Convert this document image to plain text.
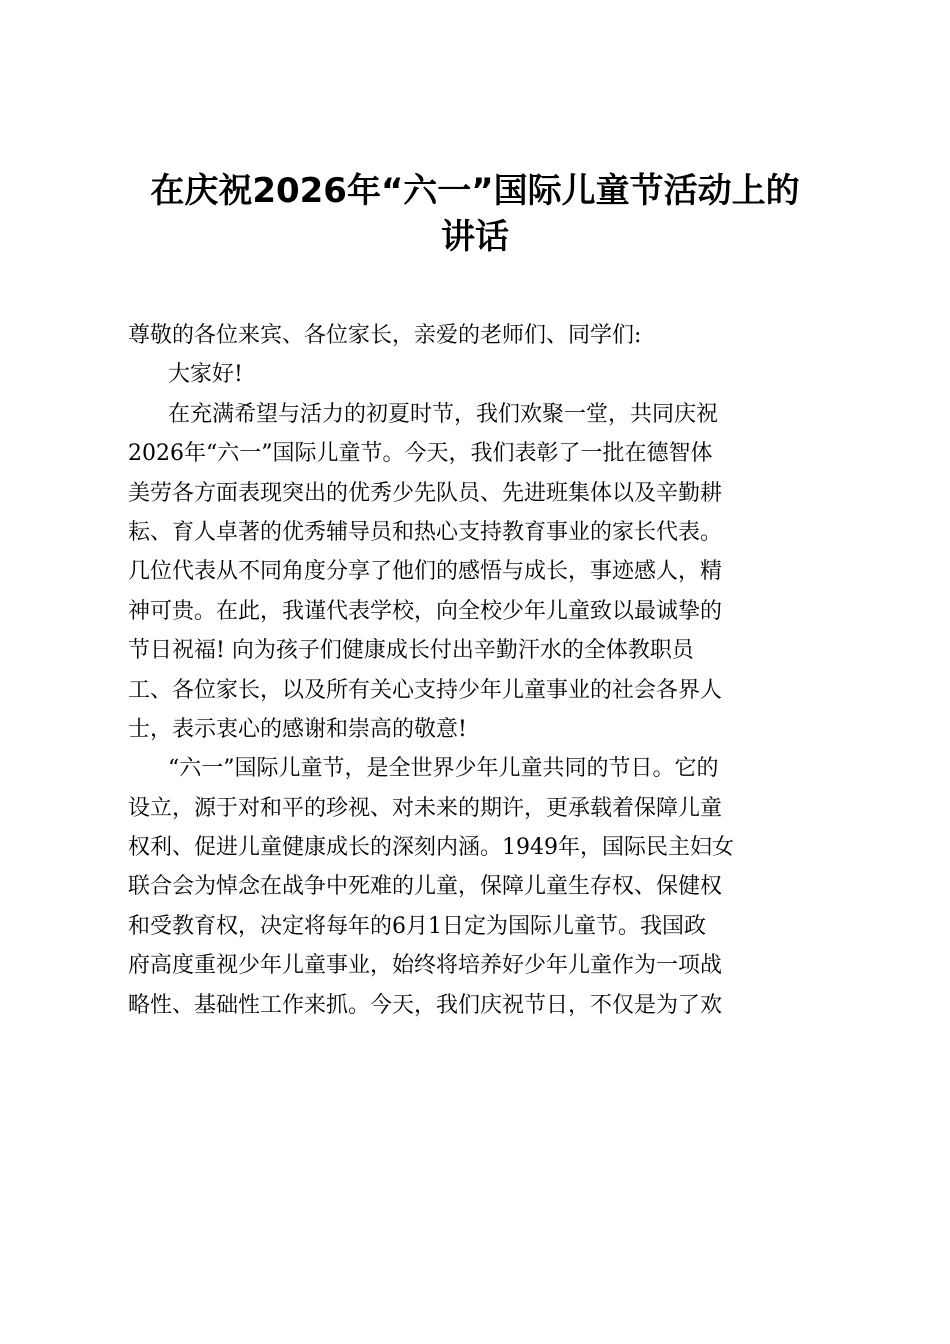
在庆祝2026年“六一”国际儿童节活动上的
讲话
尊敬的各位来宾、各位家长，亲爱的老师们、同学们:
大家好!
在充满希望与活力的初夏时节，我们欢聚一堂，共同庆祝
2026年“六一”国际儿童节。今天，我们表彰了一批在德智体
美劳各方面表现突出的优秀少先队员、先进班集体以及辛勤耕
耘、育人卓著的优秀辅导员和热心支持教育事业的家长代表。
几位代表从不同角度分享了他们的感悟与成长，事迹感人，精
神可贵。在此，我谨代表学校，向全校少年儿童致以最诚挚的
节日祝福! 向为孩子们健康成长付出辛勤汗水的全体教职员
工、各位家长，以及所有关心支持少年儿童事业的社会各界人
士，表示衷心的感谢和崇高的敬意!
“六一”国际儿童节，是全世界少年儿童共同的节日。它的
设立，源于对和平的珍视、对未来的期许，更承载着保障儿童
权利、促进儿童健康成长的深刻内涵。1949年，国际民主妇女
联合会为悼念在战争中死难的儿童，保障儿童生存权、保健权
和受教育权，决定将每年的6月1日定为国际儿童节。我国政
府高度重视少年儿童事业，始终将培养好少年儿童作为一项战
略性、基础性工作来抓。今天，我们庆祝节日，不仅是为了欢
